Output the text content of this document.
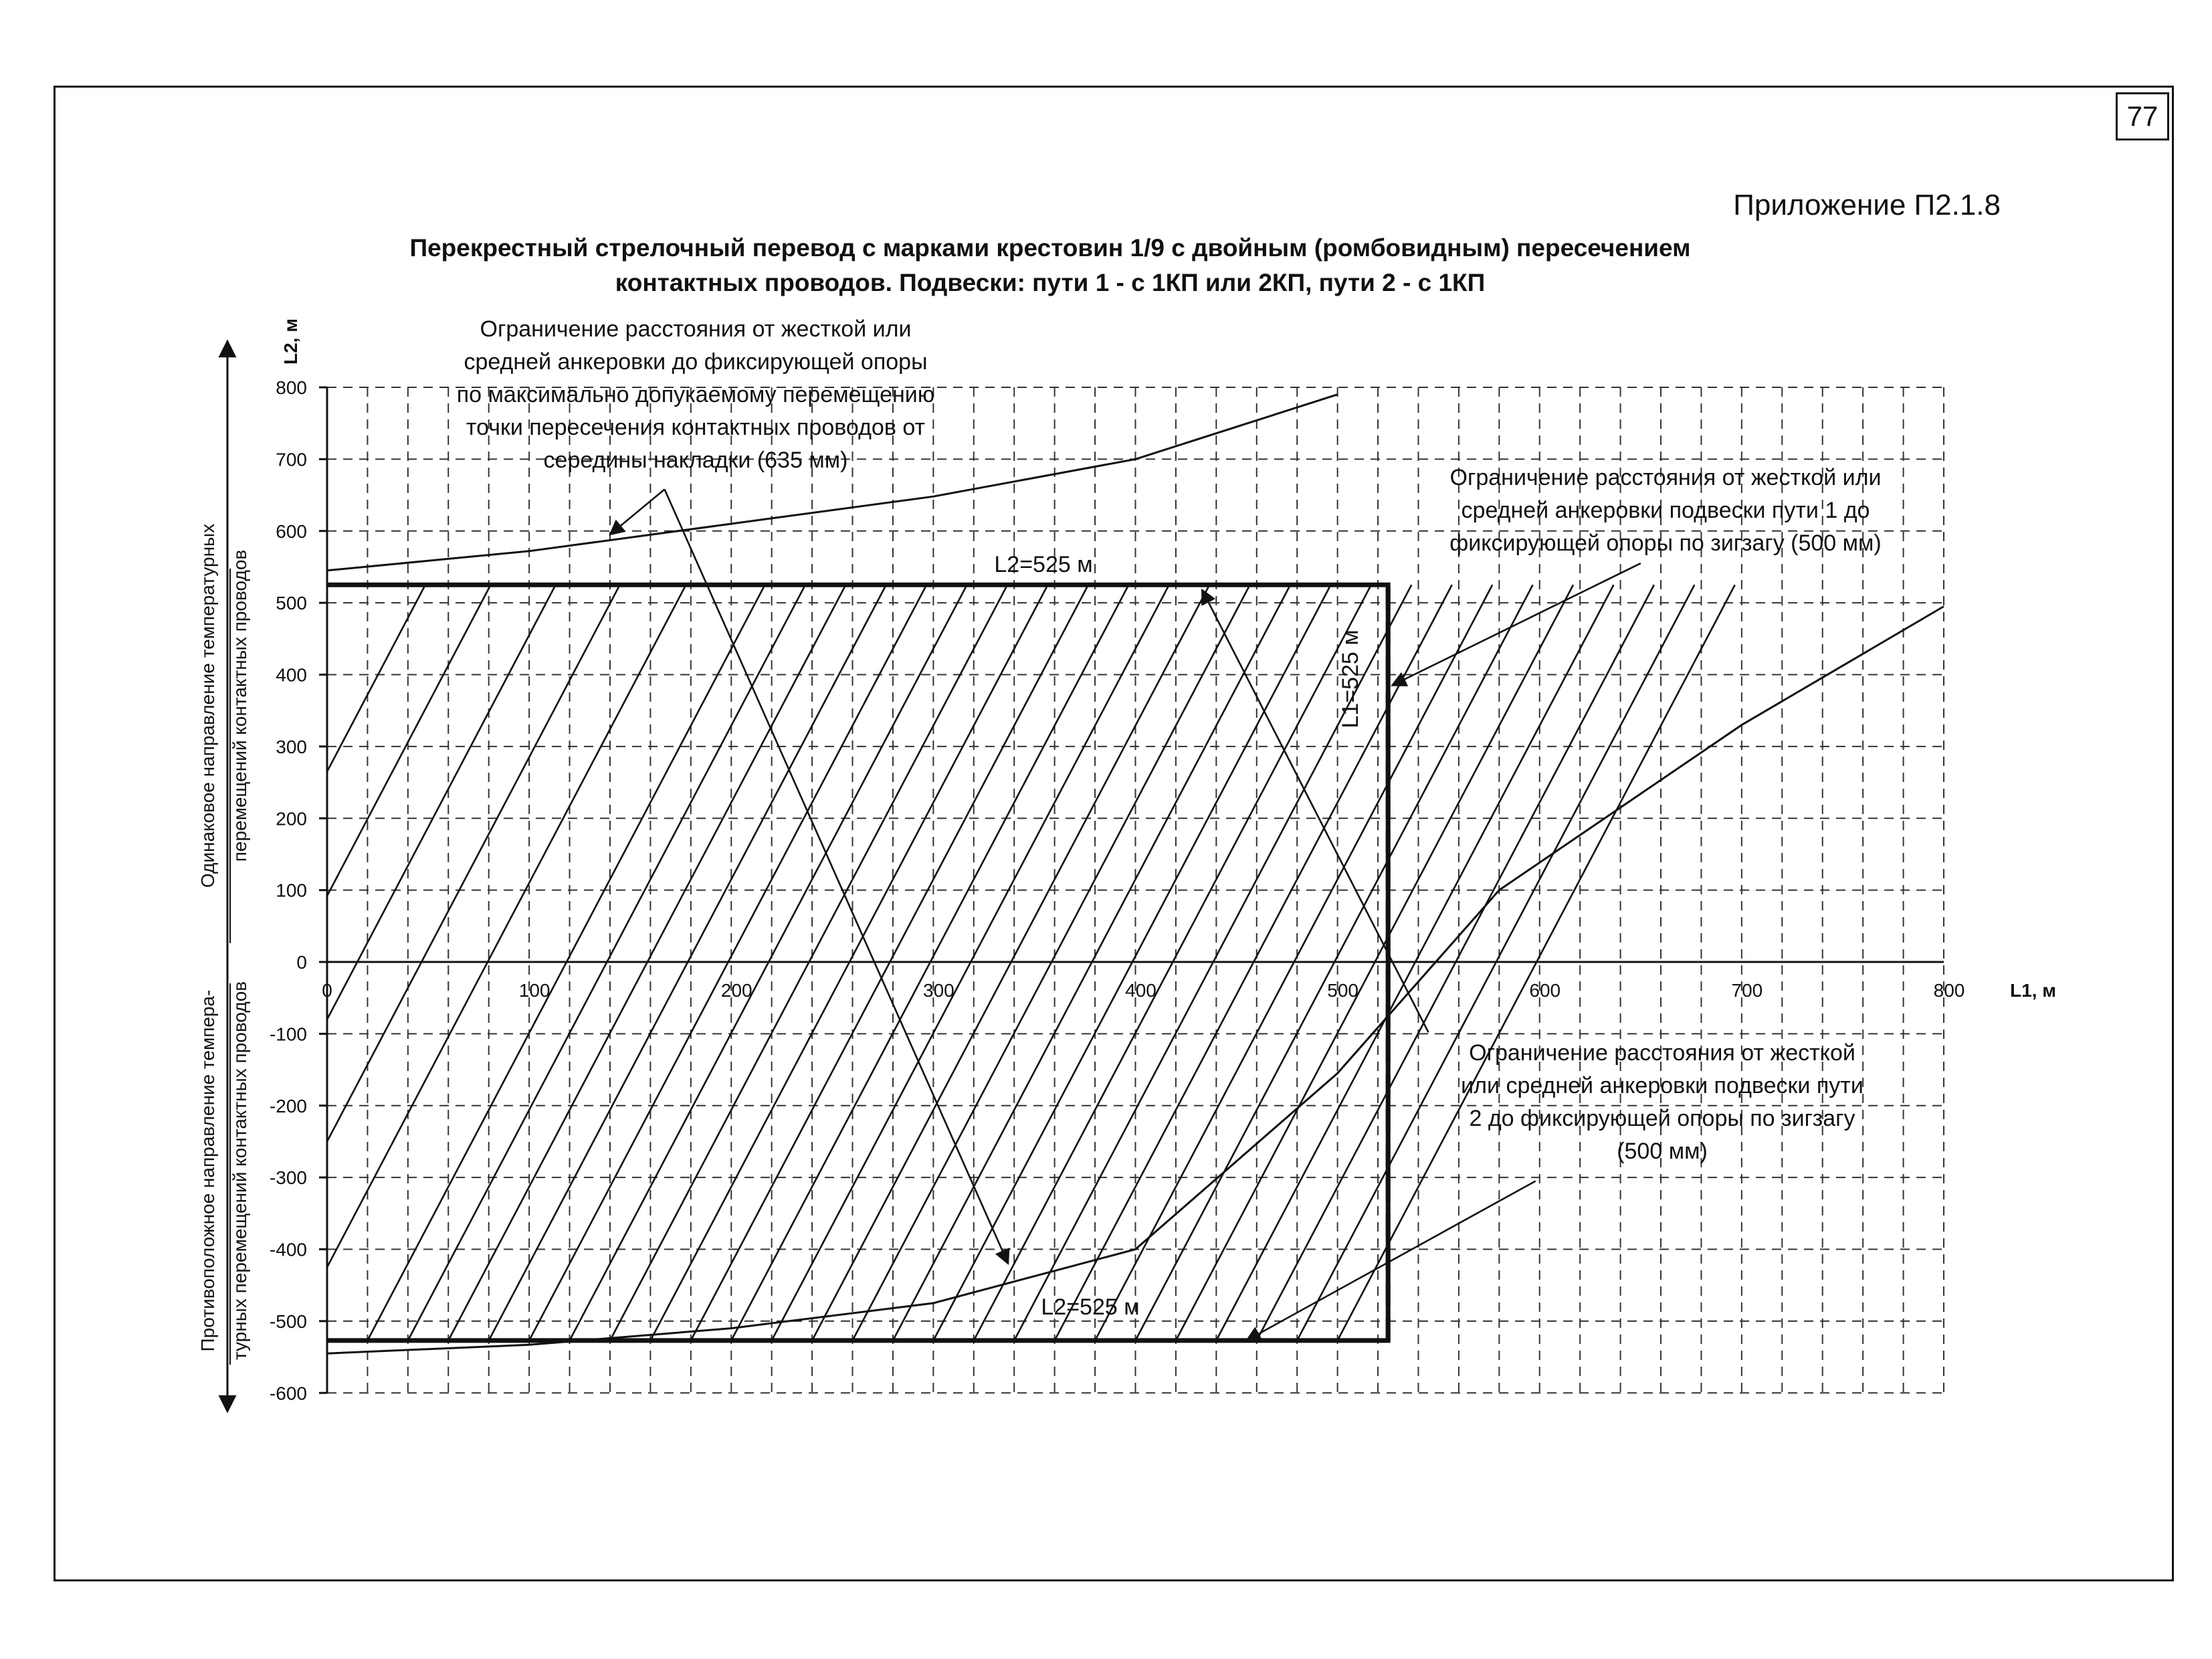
77
Приложение П2.1.8
Перекрестный стрелочный перевод с марками крестовин 1/9 с двойным (ромбовидным) пересечением
контактных проводов. Подвески: пути 1 - с 1КП или 2КП, пути 2 - с 1КП
800
700
600
500
400
300
200
100
0
-100
-200
-300
-400
-500
-600
0	100	200	300	400	500	600	700	800 L1, м
L2, м	Ограничение расстояния от жесткой или
средней анкеровки до фиксирующей опоры
по максимально допукаемому перемещению
точки пересечения контактных проводов от
середины накладки (635 мм)
Ограничение расстояния от жесткой или
средней анкеровки подвески пути 1 до
фиксирующей опоры по зигзагу (500 мм)
Ограничение расстояния от жесткой
или средней анкеровки подвески пути
2 до фиксирующей опоры по зигзагу
(500 мм)
L2=525 м
L2=525 м
L1=525 м
Одинаковое направление температурных перемещений контактных проводов
Противоположное направление темпера- турных перемещений контактных проводов
